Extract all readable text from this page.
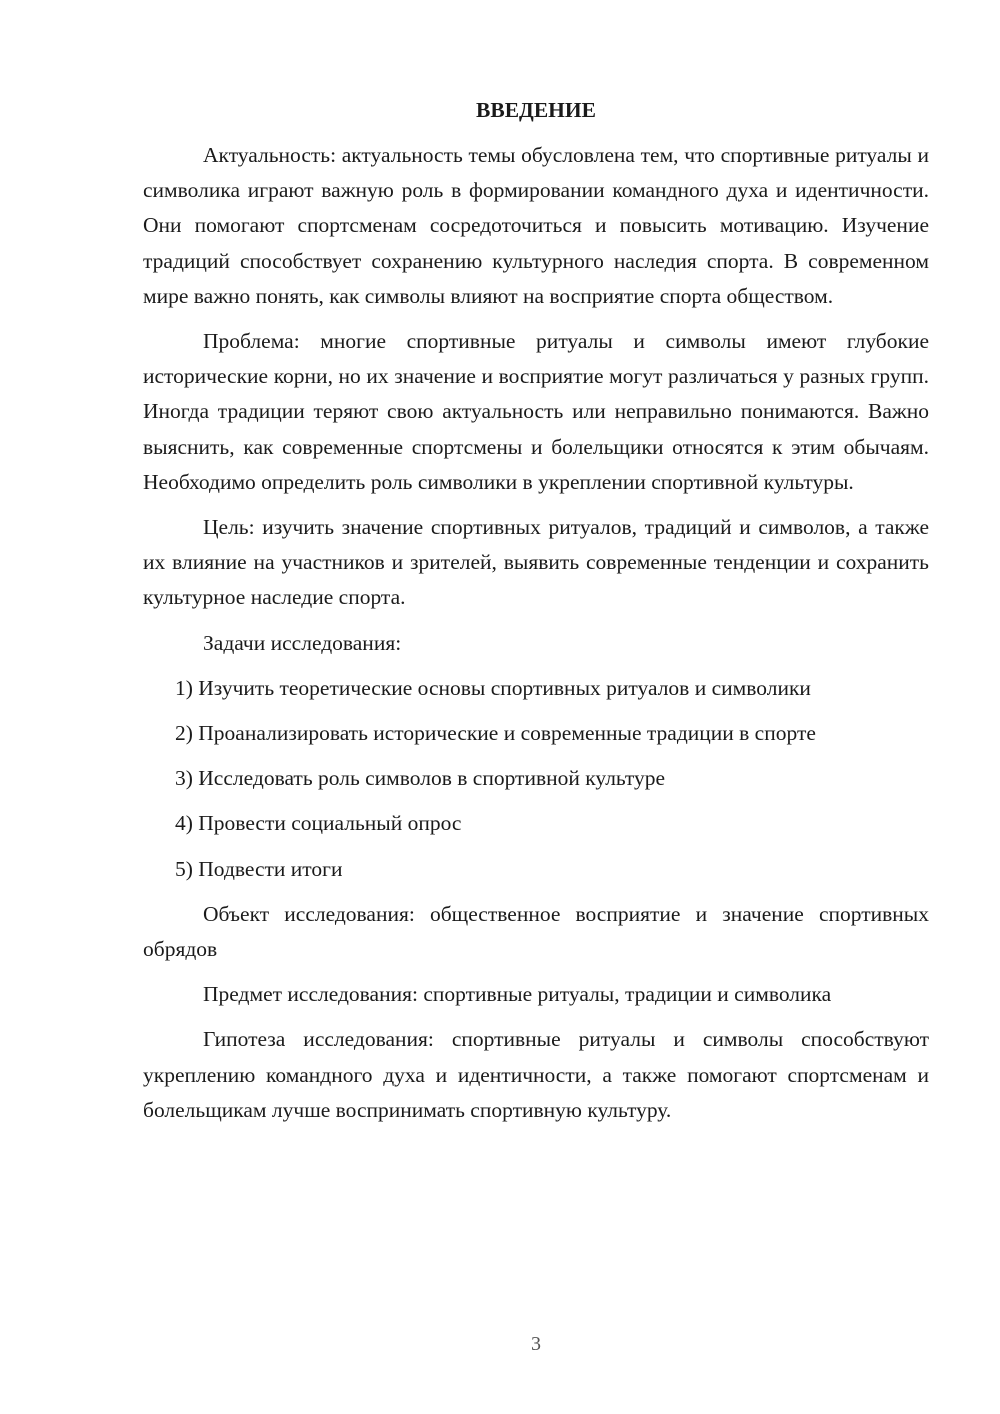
ВВЕДЕНИЕ

Актуальность: актуальность темы обусловлена тем, что спортивные ритуалы и символика играют важную роль в формировании командного духа и идентичности. Они помогают спортсменам сосредоточиться и повысить мотивацию. Изучение традиций способствует сохранению культурного наследия спорта. В современном мире важно понять, как символы влияют на восприятие спорта обществом.

Проблема: многие спортивные ритуалы и символы имеют глубокие исторические корни, но их значение и восприятие могут различаться у разных групп. Иногда традиции теряют свою актуальность или неправильно понимаются. Важно выяснить, как современные спортсмены и болельщики относятся к этим обычаям. Необходимо определить роль символики в укреплении спортивной культуры.

Цель: изучить значение спортивных ритуалов, традиций и символов, а также их влияние на участников и зрителей, выявить современные тенденции и сохранить культурное наследие спорта.

Задачи исследования:

1) Изучить теоретические основы спортивных ритуалов и символики
2) Проанализировать исторические и современные традиции в спорте
3) Исследовать роль символов в спортивной культуре
4) Провести социальный опрос
5) Подвести итоги

Объект исследования: общественное восприятие и значение спортивных обрядов

Предмет исследования: спортивные ритуалы, традиции и символика

Гипотеза исследования: спортивные ритуалы и символы способствуют укреплению командного духа и идентичности, а также помогают спортсменам и болельщикам лучше воспринимать спортивную культуру.

3
